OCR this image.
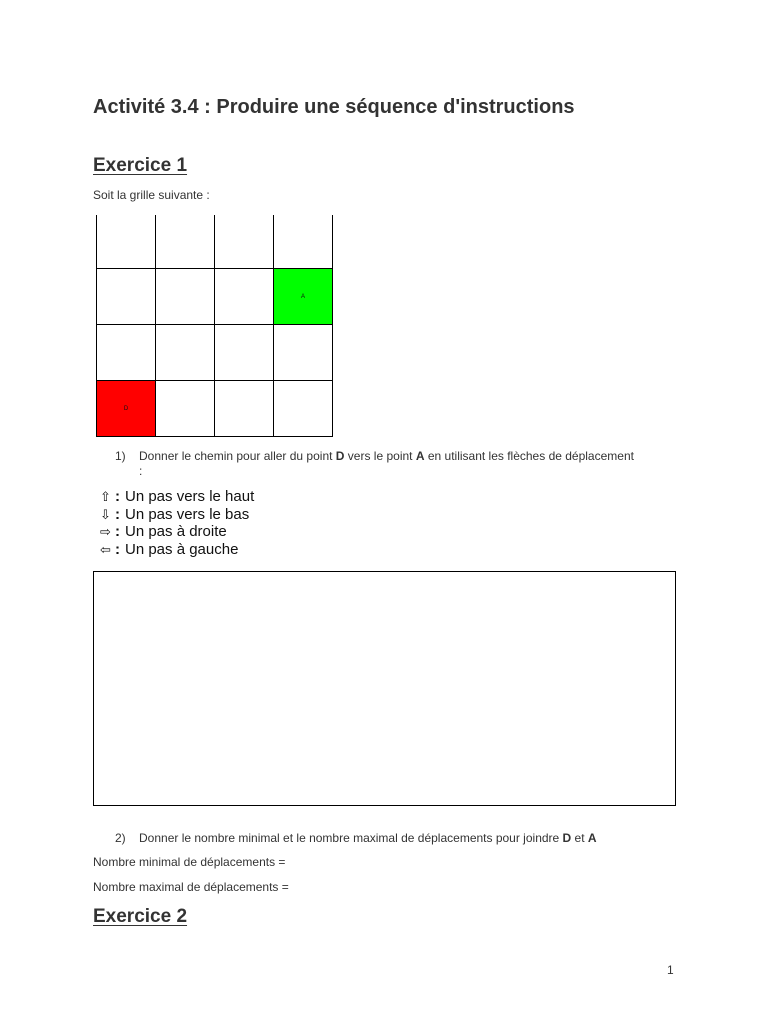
Activité 3.4 : Produire une séquence d'instructions
Exercice 1
Soit la grille suivante :
A
D
1) Donner le chemin pour aller du point D vers le point A en utilisant les flèches de déplacement :
⇧ : Un pas vers le haut
⇩ : Un pas vers le bas
⇨ : Un pas à droite
⇦ : Un pas à gauche
2) Donner le nombre minimal et le nombre maximal de déplacements pour joindre D et A
Nombre minimal de déplacements =
Nombre maximal de déplacements =
Exercice 2
1
